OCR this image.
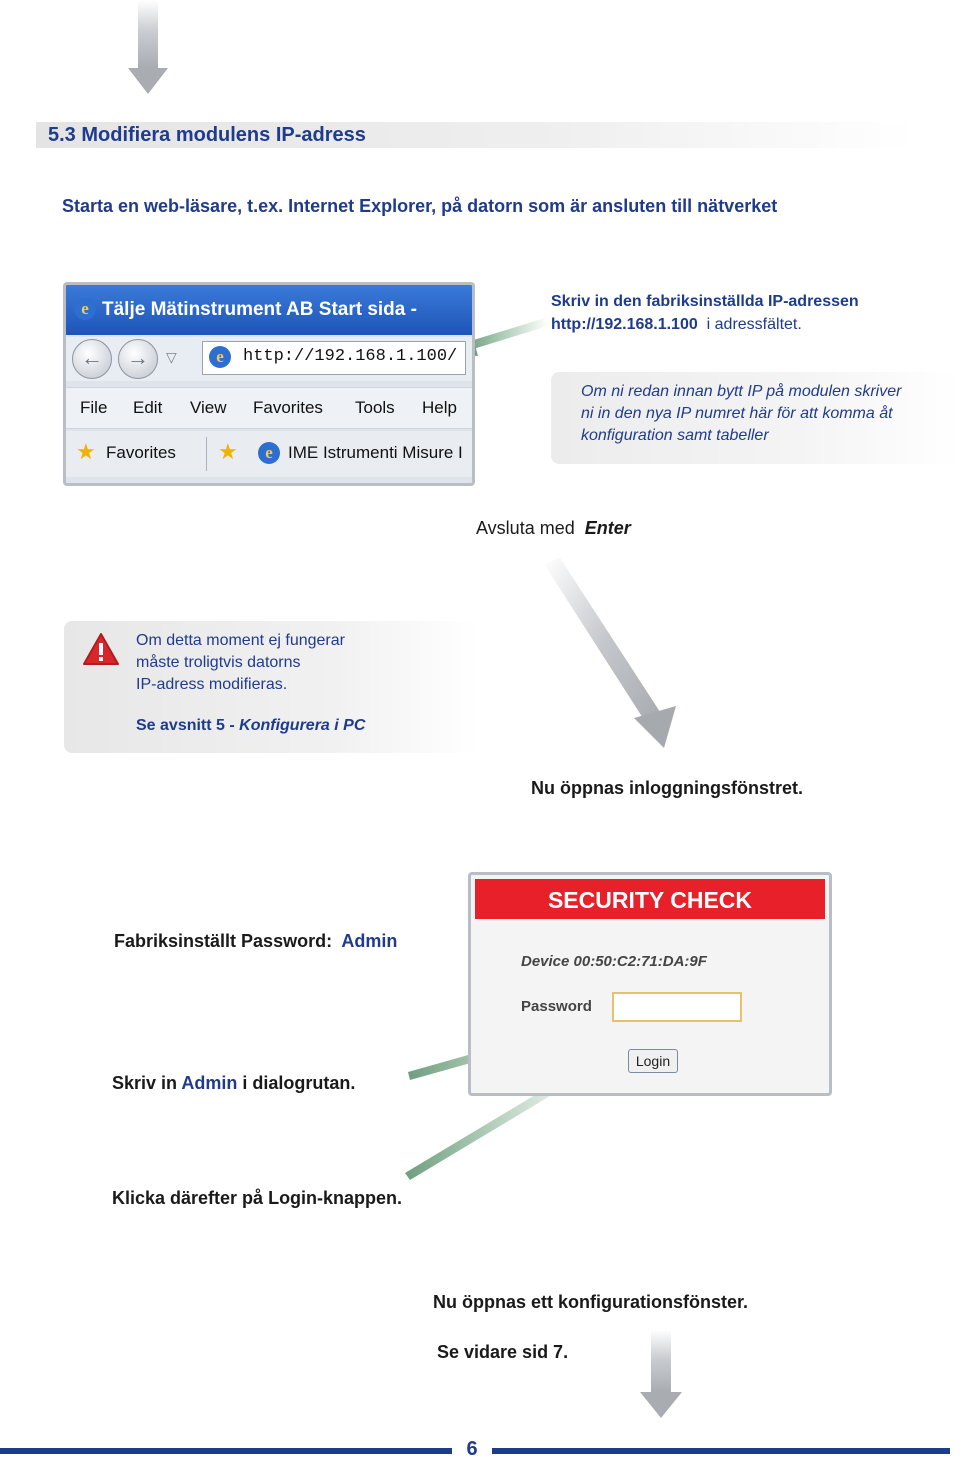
5.3 Modifiera modulens IP-adress
Starta en web-läsare, t.ex. Internet Explorer, på datorn som är ansluten till nätverket
e Tälje Mätinstrument AB Start sida -
←	→	▽	e	http://192.168.1.100/
File Edit View Favorites Tools Help
★ Favorites ★	e IME Istrumenti Misure I
Skriv in den fabriksinställda IP-adressen
http://192.168.1.100 i adressfältet.
Om ni redan innan bytt IP på modulen skriver
ni in den nya IP numret här för att komma åt
konfiguration samt tabeller
Avsluta med Enter
Om detta moment ej fungerar
måste troligtvis datorns
IP-adress modifieras.
Se avsnitt 5 - Konfigurera i PC
Nu öppnas inloggningsfönstret.
SECURITY CHECK
Device 00:50:C2:71:DA:9F
Password
Login
Fabriksinställt Password: Admin
Skriv in Admin i dialogrutan.
Klicka därefter på Login-knappen.
Nu öppnas ett konfigurationsfönster.
Se vidare sid 7.
6
